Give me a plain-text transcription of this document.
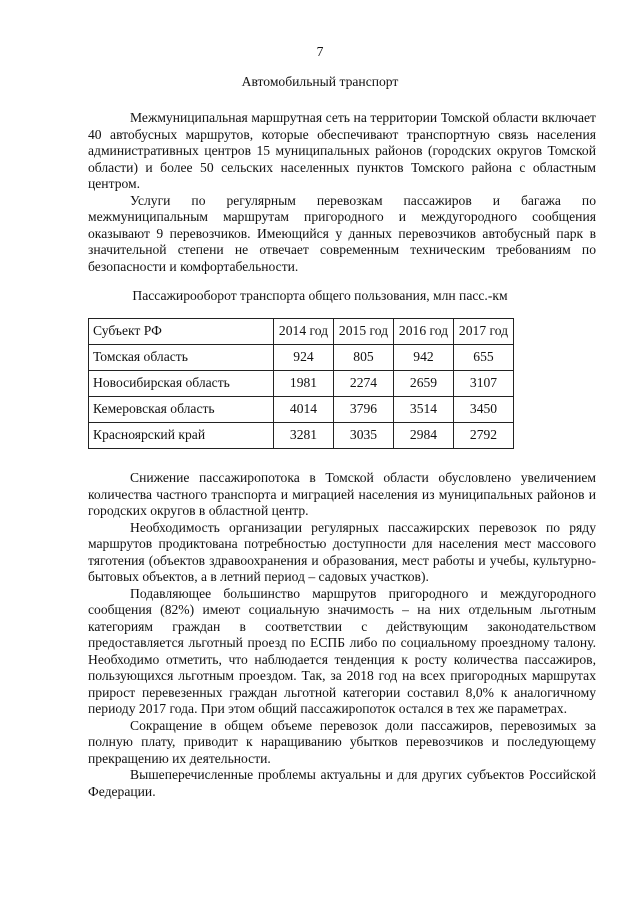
7
Автомобильный транспорт

Межмуниципальная маршрутная сеть на территории Томской области включает 40 автобусных маршрутов, которые обеспечивают транспортную связь населения административных центров 15 муниципальных районов (городских округов Томской области) и более 50 сельских населенных пунктов Томского района с областным центром.

Услуги по регулярным перевозкам пассажиров и багажа по межмуниципальным маршрутам пригородного и междугородного сообщения оказывают 9 перевозчиков. Имеющийся у данных перевозчиков автобусный парк в значительной степени не отвечает современным техническим требованиям по безопасности и комфортабельности.

Пассажирооборот транспорта общего пользования, млн пасс.-км
Субъект РФ	2014 год	2015 год	2016 год	2017 год
Томская область	924	805	942	655
Новосибирская область	1981	2274	2659	3107
Кемеровская область	4014	3796	3514	3450
Красноярский край	3281	3035	2984	2792

Снижение пассажиропотока в Томской области обусловлено увеличением количества частного транспорта и миграцией населения из муниципальных районов и городских округов в областной центр.

Необходимость организации регулярных пассажирских перевозок по ряду маршрутов продиктована потребностью доступности для населения мест массового тяготения (объектов здравоохранения и образования, мест работы и учебы, культурно-бытовых объектов, а в летний период – садовых участков).

Подавляющее большинство маршрутов пригородного и междугородного сообщения (82%) имеют социальную значимость – на них отдельным льготным категориям граждан в соответствии с действующим законодательством предоставляется льготный проезд по ЕСПБ либо по социальному проездному талону. Необходимо отметить, что наблюдается тенденция к росту количества пассажиров, пользующихся льготным проездом. Так, за 2018 год на всех пригородных маршрутах прирост перевезенных граждан льготной категории составил 8,0% к аналогичному периоду 2017 года. При этом общий пассажиропоток остался в тех же параметрах.

Сокращение в общем объеме перевозок доли пассажиров, перевозимых за полную плату, приводит к наращиванию убытков перевозчиков и последующему прекращению их деятельности.

Вышеперечисленные проблемы актуальны и для других субъектов Российской Федерации.
